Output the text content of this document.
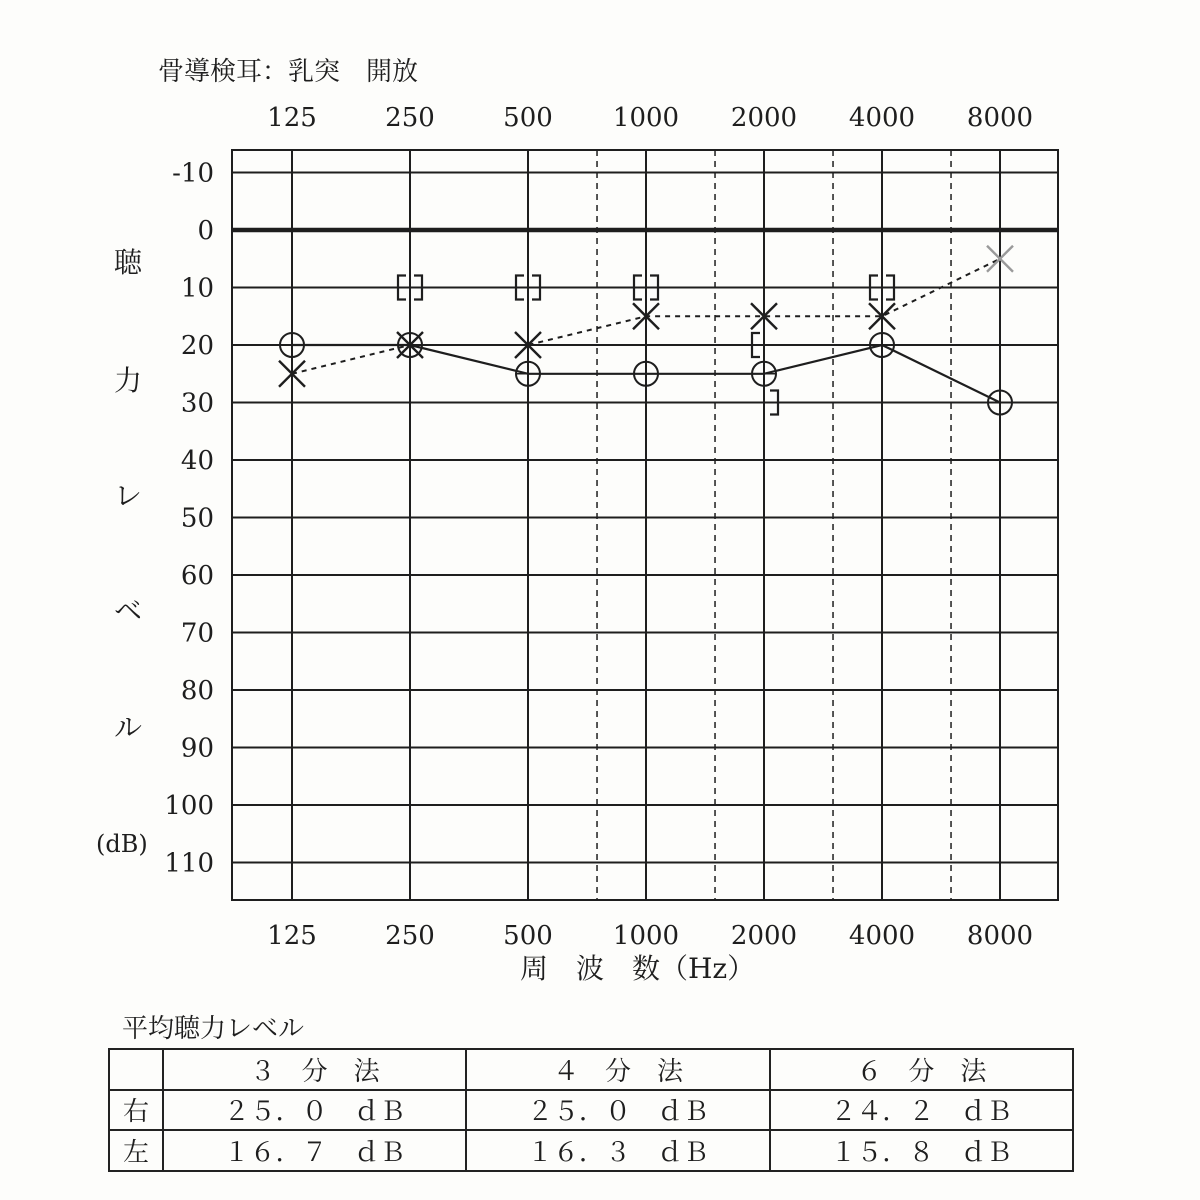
骨導検耳：乳突　開放
125	250	500 1000 2000 4000 8000
125	250	500 1000 2000 4000 8000
-10
0
10
20
30
40
50
60
70
80
90
100
110
聴
力
レ
ベ
ル
周　波　数（Hz）
(dB)
平均聴力レベル
	３　分　法	４　分　法	６　分　法
右	２５．０　ｄＢ	２５．０　ｄＢ	２４．２　ｄＢ
左	１６．７　ｄＢ	１６．３　ｄＢ	１５．８　ｄＢ
